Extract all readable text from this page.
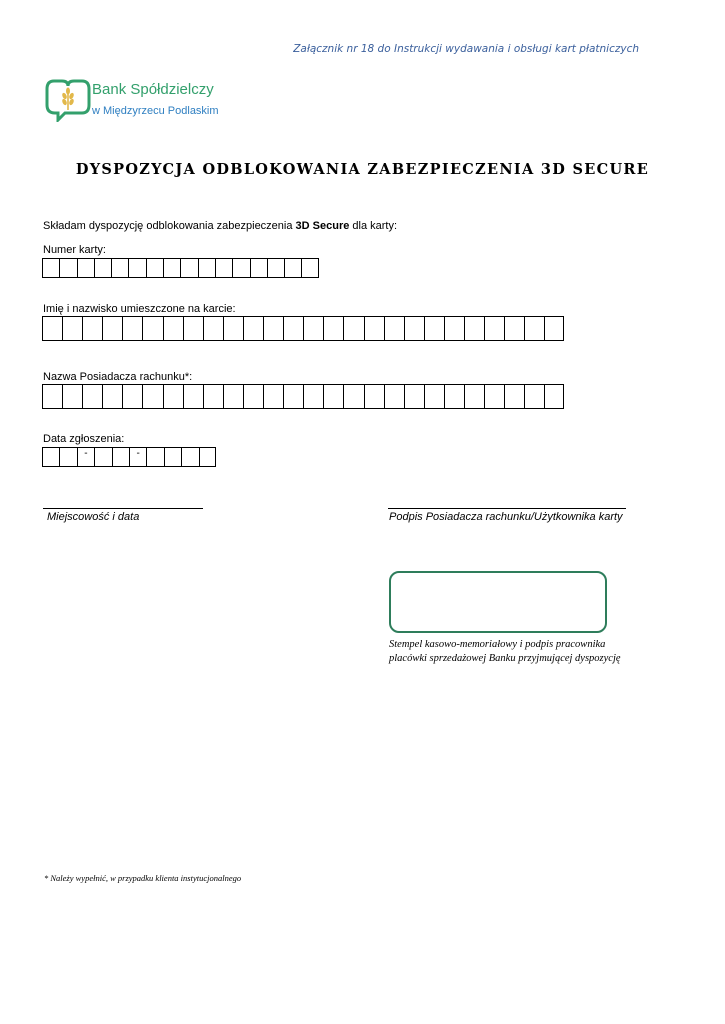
Załącznik nr 18 do Instrukcji wydawania i obsługi kart płatniczych
Bank Spółdzielczy
w Międzyrzecu Podlaskim
DYSPOZYCJA ODBLOKOWANIA ZABEZPIECZENIA 3D SECURE
Składam dyspozycję odblokowania zabezpieczenia 3D Secure dla karty:
Numer karty:
Imię i nazwisko umieszczone na karcie:
Nazwa Posiadacza rachunku*:
Data zgłoszenia:
-	-
Miejscowość i data	Podpis Posiadacza rachunku/Użytkownika karty
Stempel kasowo-memoriałowy i podpis pracownika
placówki sprzedażowej Banku przyjmującej dyspozycję
* Należy wypełnić, w przypadku klienta instytucjonalnego
